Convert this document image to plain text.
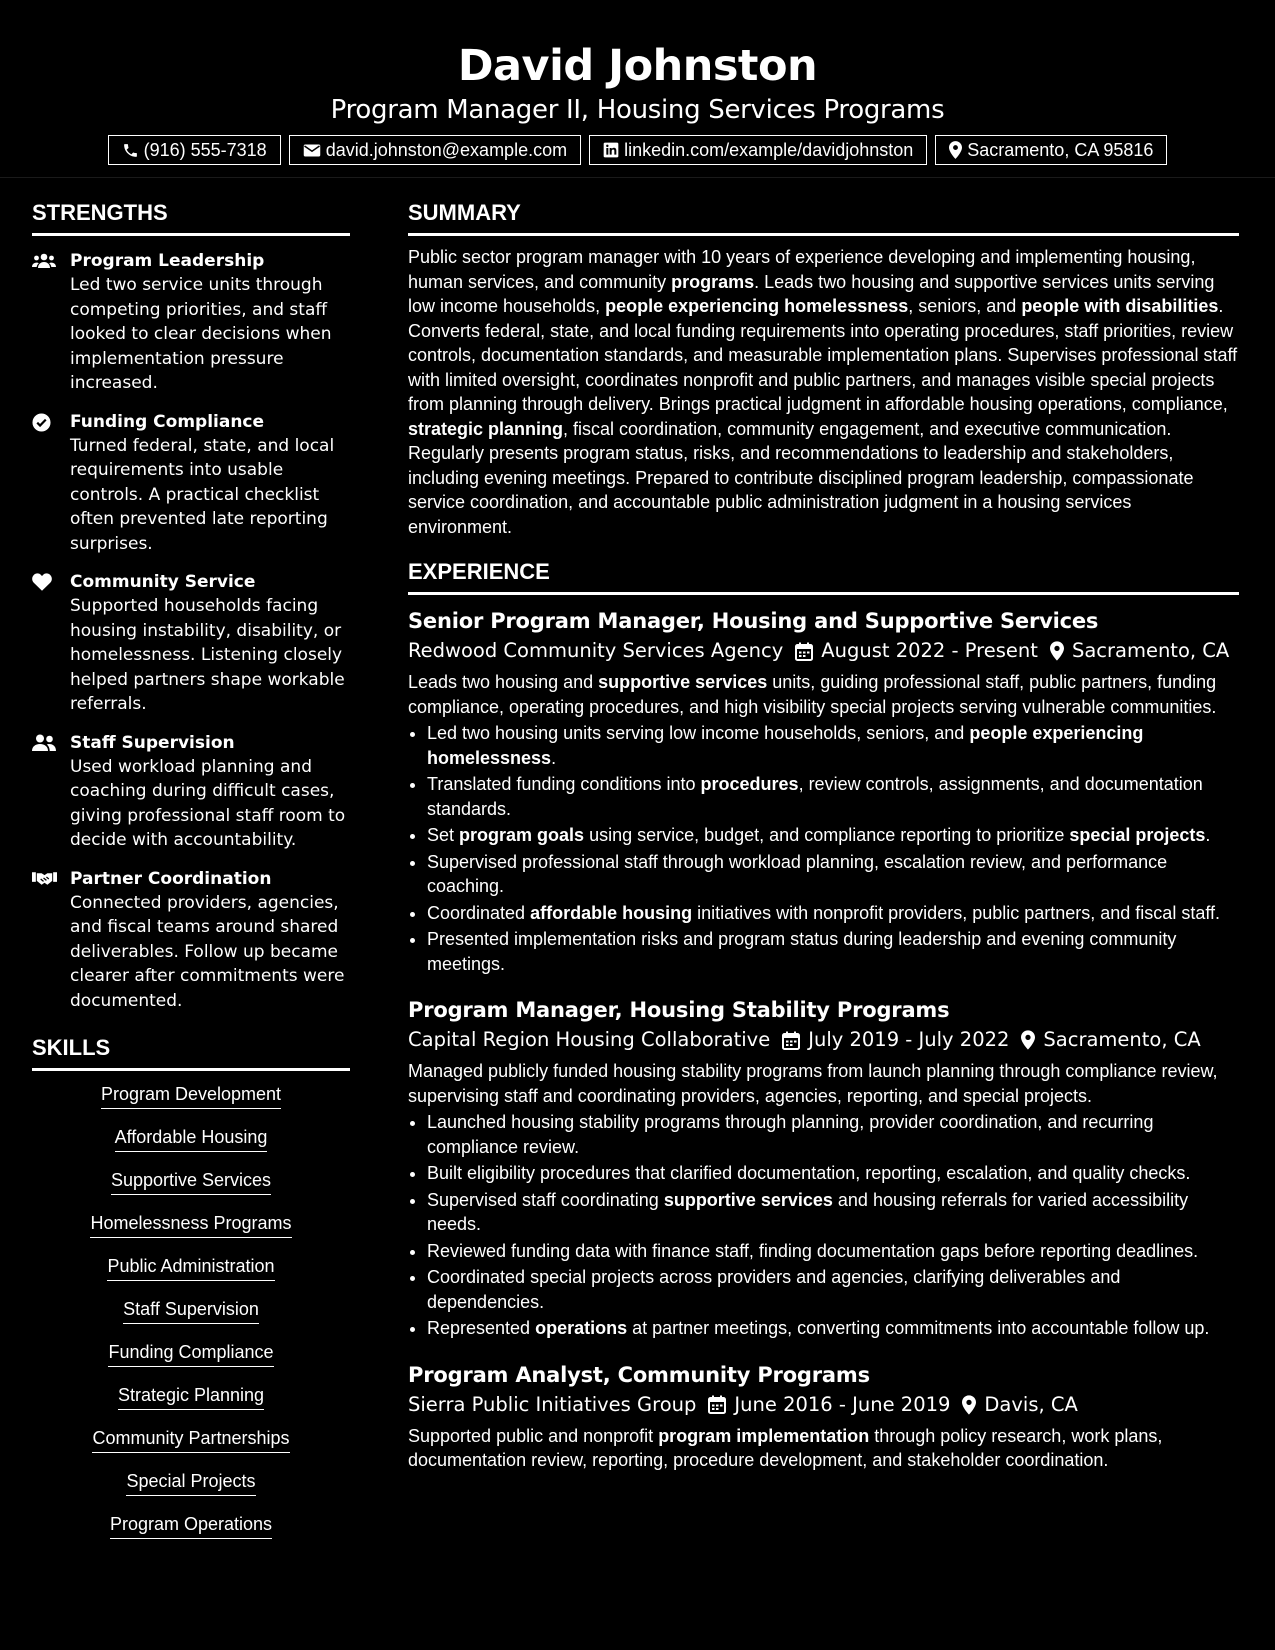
David Johnston
Program Manager II, Housing Services Programs
(916) 555-7318	david.johnston@example.com	linkedin.com/example/davidjohnston	Sacramento, CA 95816
STRENGTHS
Program Leadership
Led two service units through competing priorities, and staff looked to clear decisions when implementation pressure increased.
Funding Compliance
Turned federal, state, and local requirements into usable controls. A practical checklist often prevented late reporting surprises.
Community Service
Supported households facing housing instability, disability, or homelessness. Listening closely helped partners shape workable referrals.
Staff Supervision
Used workload planning and coaching during difficult cases, giving professional staff room to decide with accountability.
Partner Coordination
Connected providers, agencies, and fiscal teams around shared deliverables. Follow up became clearer after commitments were documented.
SKILLS
Program Development
Affordable Housing
Supportive Services
Homelessness Programs
Public Administration
Staff Supervision
Funding Compliance
Strategic Planning
Community Partnerships
Special Projects
Program Operations
SUMMARY
Public sector program manager with 10 years of experience developing and implementing housing, human services, and community programs. Leads two housing and supportive services units serving low income households, people experiencing homelessness, seniors, and people with disabilities. Converts federal, state, and local funding requirements into operating procedures, staff priorities, review controls, documentation standards, and measurable implementation plans. Supervises professional staff with limited oversight, coordinates nonprofit and public partners, and manages visible special projects from planning through delivery. Brings practical judgment in affordable housing operations, compliance, strategic planning, fiscal coordination, community engagement, and executive communication. Regularly presents program status, risks, and recommendations to leadership and stakeholders, including evening meetings. Prepared to contribute disciplined program leadership, compassionate service coordination, and accountable public administration judgment in a housing services environment.
EXPERIENCE
Senior Program Manager, Housing and Supportive Services
Redwood Community Services Agency August 2022 - Present Sacramento, CA
Leads two housing and supportive services units, guiding professional staff, public partners, funding compliance, operating procedures, and high visibility special projects serving vulnerable communities.
• Led two housing units serving low income households, seniors, and people experiencing homelessness.
• Translated funding conditions into procedures, review controls, assignments, and documentation standards.
• Set program goals using service, budget, and compliance reporting to prioritize special projects.
• Supervised professional staff through workload planning, escalation review, and performance coaching.
• Coordinated affordable housing initiatives with nonprofit providers, public partners, and fiscal staff.
• Presented implementation risks and program status during leadership and evening community meetings.
Program Manager, Housing Stability Programs
Capital Region Housing Collaborative July 2019 - July 2022 Sacramento, CA
Managed publicly funded housing stability programs from launch planning through compliance review, supervising staff and coordinating providers, agencies, reporting, and special projects.
• Launched housing stability programs through planning, provider coordination, and recurring compliance review.
• Built eligibility procedures that clarified documentation, reporting, escalation, and quality checks.
• Supervised staff coordinating supportive services and housing referrals for varied accessibility needs.
• Reviewed funding data with finance staff, finding documentation gaps before reporting deadlines.
• Coordinated special projects across providers and agencies, clarifying deliverables and dependencies.
• Represented operations at partner meetings, converting commitments into accountable follow up.
Program Analyst, Community Programs
Sierra Public Initiatives Group June 2016 - June 2019 Davis, CA
Supported public and nonprofit program implementation through policy research, work plans, documentation review, reporting, procedure development, and stakeholder coordination.
